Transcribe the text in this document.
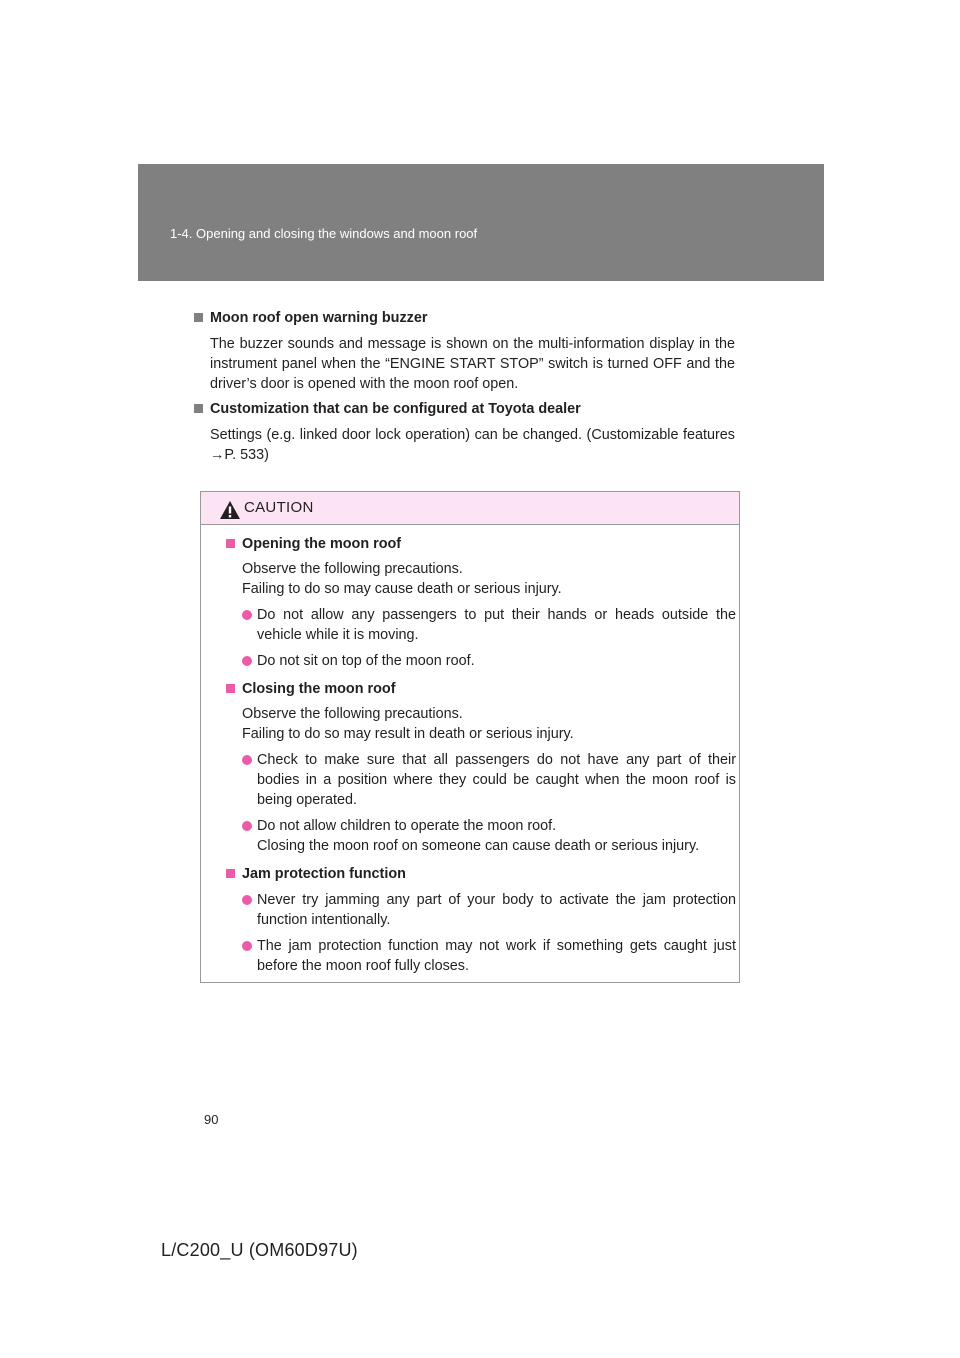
1-4. Opening and closing the windows and moon roof
Moon roof open warning buzzer

The buzzer sounds and message is shown on the multi-information display in the instrument panel when the “ENGINE START STOP” switch is turned OFF and the driver’s door is opened with the moon roof open.

Customization that can be configured at Toyota dealer

Settings (e.g. linked door lock operation) can be changed. (Customizable features →P. 533)

CAUTION
Opening the moon roof
Observe the following precautions.
Failing to do so may cause death or serious injury.
Do not allow any passengers to put their hands or heads outside the vehicle while it is moving.
Do not sit on top of the moon roof.
Closing the moon roof
Observe the following precautions.
Failing to do so may result in death or serious injury.
Check to make sure that all passengers do not have any part of their bodies in a position where they could be caught when the moon roof is being operated.
Do not allow children to operate the moon roof.
Closing the moon roof on someone can cause death or serious injury.
Jam protection function
Never try jamming any part of your body to activate the jam protection function intentionally.
The jam protection function may not work if something gets caught just before the moon roof fully closes.
90
L/C200_U (OM60D97U)
